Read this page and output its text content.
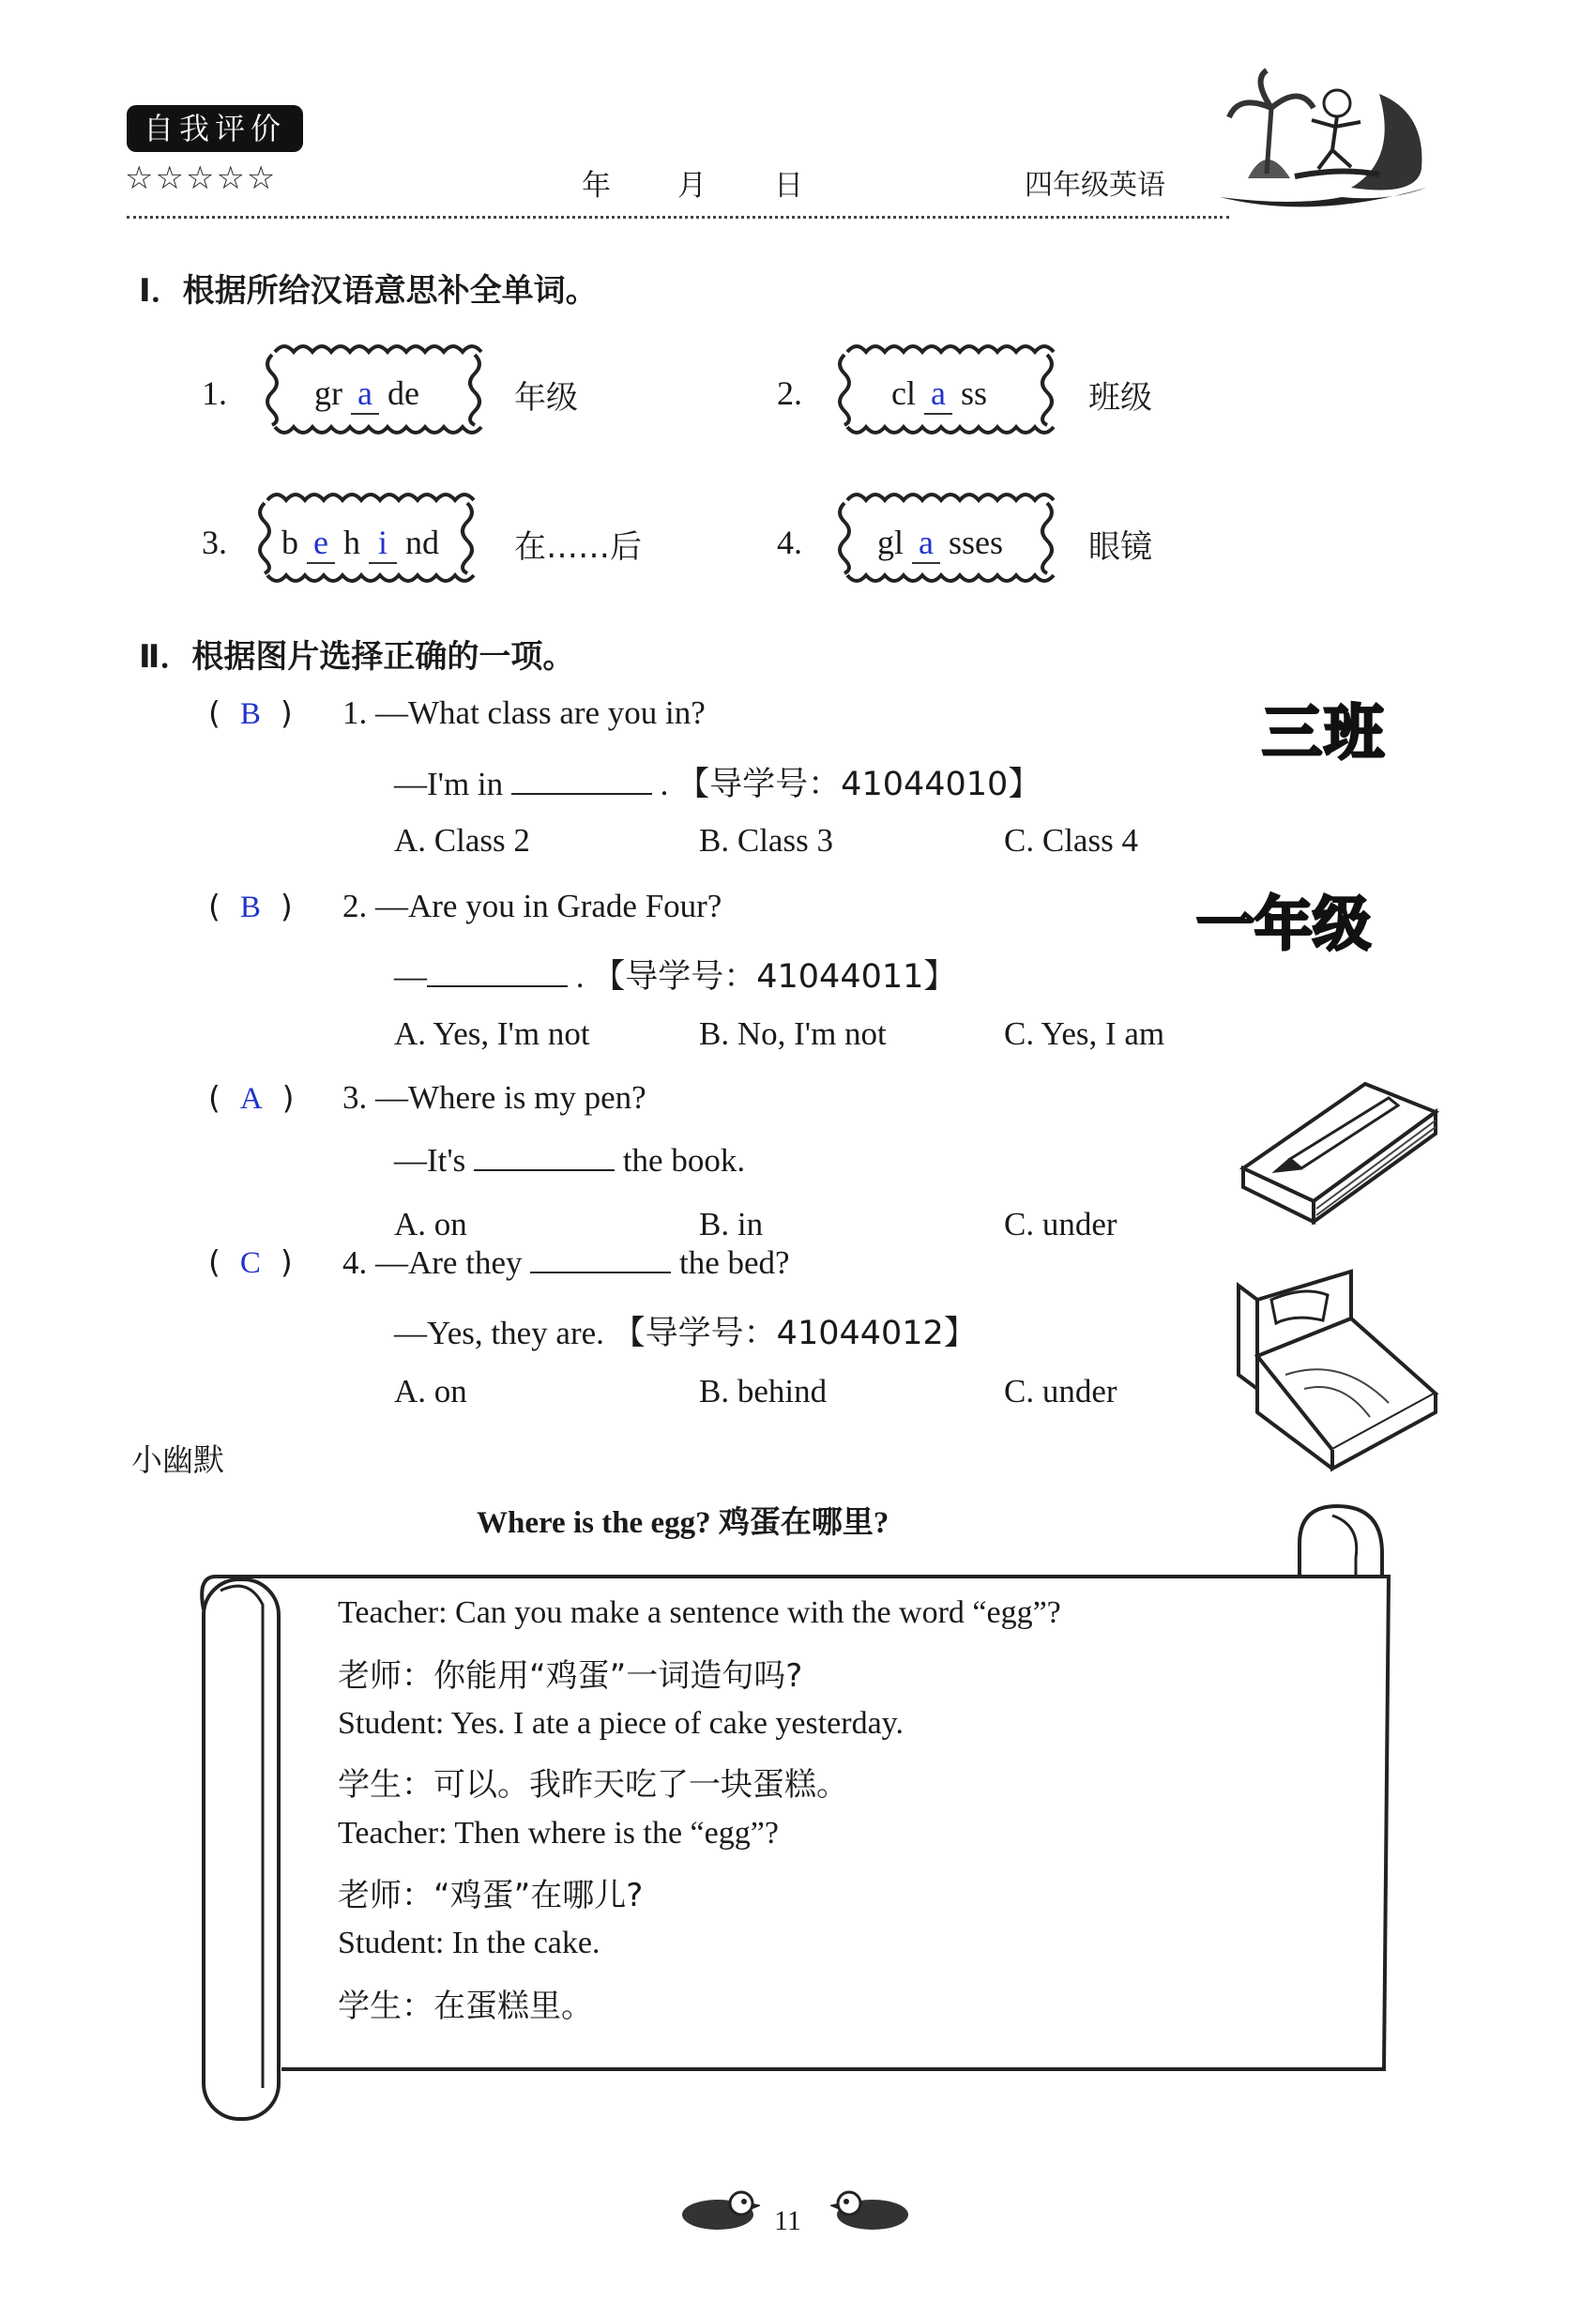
自我评价
☆☆☆☆☆	年 月 日	四年级英语
Ⅰ．根据所给汉语意思补全单词。
1.	gr a de	年级	2.	cl a ss	班级
3. b e h i nd 在……后	4. gl a sses	眼镜
Ⅱ．根据图片选择正确的一项。
(  B  ) 1. —What class are you in?
—I'm in	. 【导学号：41044010】
A. Class 2	B. Class 3	C. Class 4
三班
(  B  ) 2. —Are you in Grade Four?
—	. 【导学号：41044011】
A. Yes, I'm not	B. No, I'm not	C. Yes, I am
一年级
(  A  ) 3. —Where is my pen?
—It's	the book.
A. on	B. in	C. under
(  C  ) 4. —Are they	the bed?
—Yes, they are. 【导学号：41044012】
A. on	B. behind	C. under
小幽默
Where is the egg? 鸡蛋在哪里?
Teacher: Can you make a sentence with the word “egg”?
老师：你能用“鸡蛋”一词造句吗?
Student: Yes. I ate a piece of cake yesterday.
学生：可以。我昨天吃了一块蛋糕。
Teacher: Then where is the “egg”?
老师：“鸡蛋”在哪儿?
Student: In the cake.
学生：在蛋糕里。
11
